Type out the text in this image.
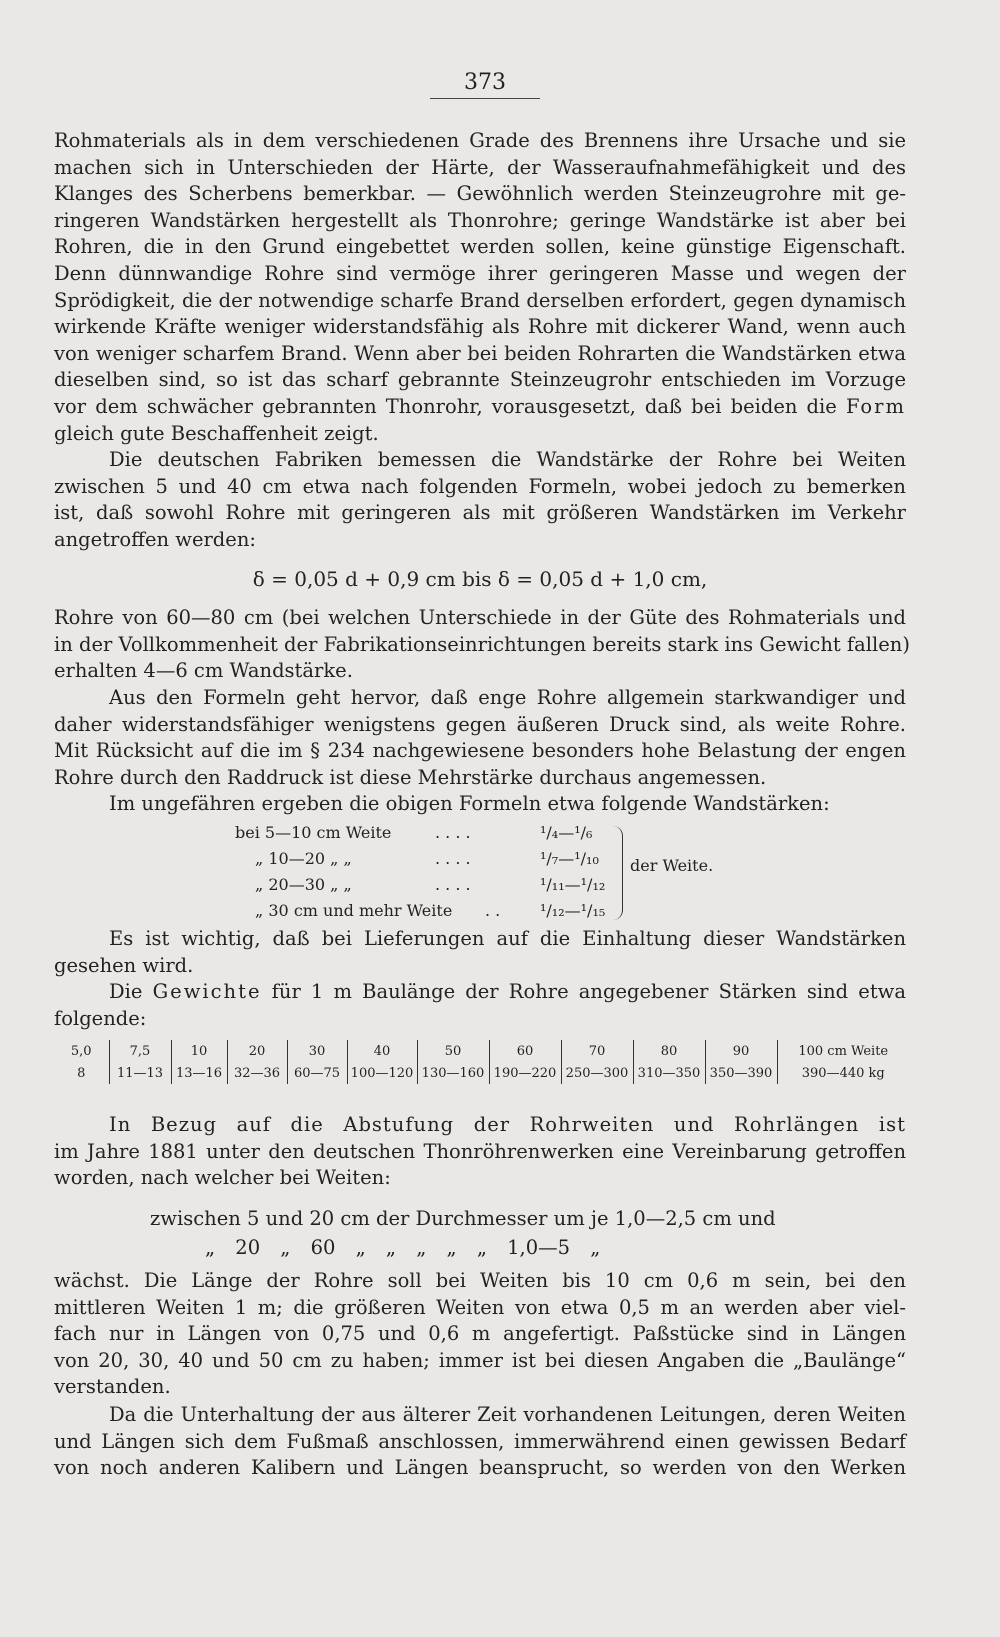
373
Rohmaterials als in dem verschiedenen Grade des Brennens ihre Ursache und sie
machen sich in Unterschieden der Härte, der Wasseraufnahmefähigkeit und des
Klanges des Scherbens bemerkbar. — Gewöhnlich werden Steinzeugrohre mit ge-
ringeren Wandstärken hergestellt als Thonrohre; geringe Wandstärke ist aber bei
Rohren, die in den Grund eingebettet werden sollen, keine günstige Eigenschaft.
Denn dünnwandige Rohre sind vermöge ihrer geringeren Masse und wegen der
Sprödigkeit, die der notwendige scharfe Brand derselben erfordert, gegen dynamisch
wirkende Kräfte weniger widerstandsfähig als Rohre mit dickerer Wand, wenn auch
von weniger scharfem Brand. Wenn aber bei beiden Rohrarten die Wandstärken etwa
dieselben sind, so ist das scharf gebrannte Steinzeugrohr entschieden im Vorzuge
vor dem schwächer gebrannten Thonrohr, vorausgesetzt, daß bei beiden die Form
gleich gute Beschaffenheit zeigt.
Die deutschen Fabriken bemessen die Wandstärke der Rohre bei Weiten
zwischen 5 und 40 cm etwa nach folgenden Formeln, wobei jedoch zu bemerken
ist, daß sowohl Rohre mit geringeren als mit größeren Wandstärken im Verkehr
angetroffen werden:
δ = 0,05 d + 0,9 cm bis δ = 0,05 d + 1,0 cm,
Rohre von 60—80 cm (bei welchen Unterschiede in der Güte des Rohmaterials und
in der Vollkommenheit der Fabrikationseinrichtungen bereits stark ins Gewicht fallen)
erhalten 4—6 cm Wandstärke.
Aus den Formeln geht hervor, daß enge Rohre allgemein starkwandiger und
daher widerstandsfähiger wenigstens gegen äußeren Druck sind, als weite Rohre.
Mit Rücksicht auf die im § 234 nachgewiesene besonders hohe Belastung der engen
Rohre durch den Raddruck ist diese Mehrstärke durchaus angemessen.
Im ungefähren ergeben die obigen Formeln etwa folgende Wandstärken:
bei 5—10 cm Weite	. . . .	¹/₄—¹/₆
„ 10—20 „ „	. . . .	¹/₇—¹/₁₀
„ 20—30 „ „	. . . .	¹/₁₁—¹/₁₂
„ 30 cm und mehr Weite . . ¹/₁₂—¹/₁₅
der Weite.
Es ist wichtig, daß bei Lieferungen auf die Einhaltung dieser Wandstärken
gesehen wird.
Die Gewichte für 1 m Baulänge der Rohre angegebener Stärken sind etwa
folgende:
5,0	7,5	10	20	30	40	50	60	70	80	90	100 cm Weite
8	11—13	13—16	32—36	60—75	100—120	130—160	190—220	250—300	310—350	350—390	390—440 kg
In Bezug auf die Abstufung der Rohrweiten und Rohrlängen ist
im Jahre 1881 unter den deutschen Thonröhrenwerken eine Vereinbarung getroffen
worden, nach welcher bei Weiten:
zwischen 5 und 20 cm der Durchmesser um je 1,0—2,5 cm und
„ 20 „ 60 „ „ „ „ „ 1,0—5 „
wächst. Die Länge der Rohre soll bei Weiten bis 10 cm 0,6 m sein, bei den
mittleren Weiten 1 m; die größeren Weiten von etwa 0,5 m an werden aber viel-
fach nur in Längen von 0,75 und 0,6 m angefertigt. Paßstücke sind in Längen
von 20, 30, 40 und 50 cm zu haben; immer ist bei diesen Angaben die „Baulänge“
verstanden.
Da die Unterhaltung der aus älterer Zeit vorhandenen Leitungen, deren Weiten
und Längen sich dem Fußmaß anschlossen, immerwährend einen gewissen Bedarf
von noch anderen Kalibern und Längen beansprucht, so werden von den Werken
